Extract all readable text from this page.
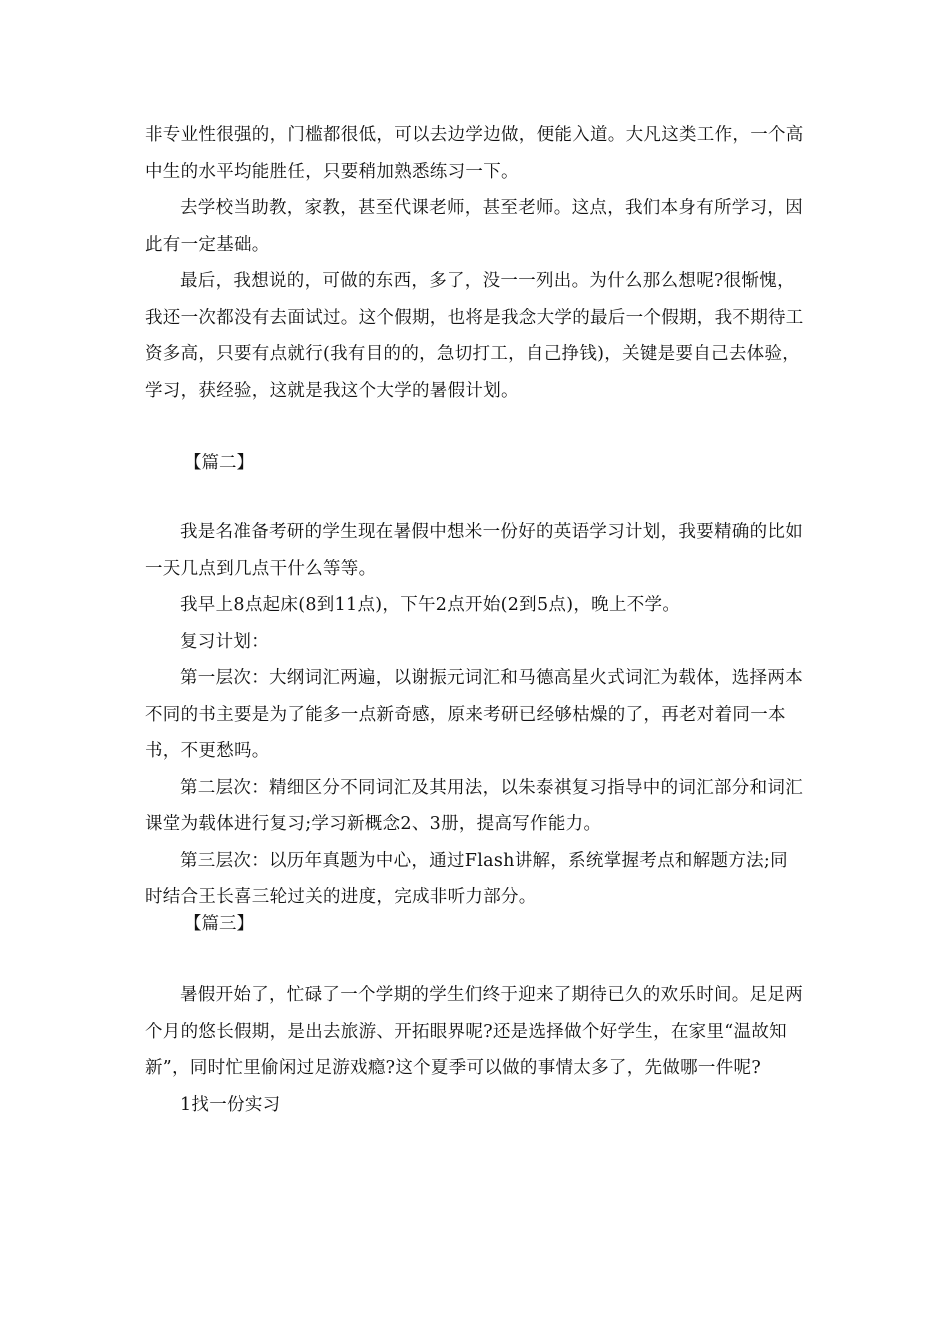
非专业性很强的，门槛都很低，可以去边学边做，便能入道。大凡这类工作，一个高中生的水平均能胜任，只要稍加熟悉练习一下。

去学校当助教，家教，甚至代课老师，甚至老师。这点，我们本身有所学习，因此有一定基础。

最后，我想说的，可做的东西，多了，没一一列出。为什么那么想呢?很惭愧，我还一次都没有去面试过。这个假期，也将是我念大学的最后一个假期，我不期待工资多高，只要有点就行(我有目的的，急切打工，自己挣钱)，关键是要自己去体验，学习，获经验，这就是我这个大学的暑假计划。

【篇二】

我是名准备考研的学生现在暑假中想米一份好的英语学习计划，我要精确的比如一天几点到几点干什么等等。

我早上8点起床(8到11点)，下午2点开始(2到5点)，晚上不学。

复习计划：

第一层次：大纲词汇两遍，以谢振元词汇和马德高星火式词汇为载体，选择两本不同的书主要是为了能多一点新奇感，原来考研已经够枯燥的了，再老对着同一本书，不更愁吗。

第二层次：精细区分不同词汇及其用法，以朱泰祺复习指导中的词汇部分和词汇课堂为载体进行复习;学习新概念2、3册，提高写作能力。

第三层次：以历年真题为中心，通过Flash讲解，系统掌握考点和解题方法;同时结合王长喜三轮过关的进度，完成非听力部分。

【篇三】

暑假开始了，忙碌了一个学期的学生们终于迎来了期待已久的欢乐时间。足足两个月的悠长假期，是出去旅游、开拓眼界呢?还是选择做个好学生，在家里“温故知新”，同时忙里偷闲过足游戏瘾?这个夏季可以做的事情太多了，先做哪一件呢?

1找一份实习
